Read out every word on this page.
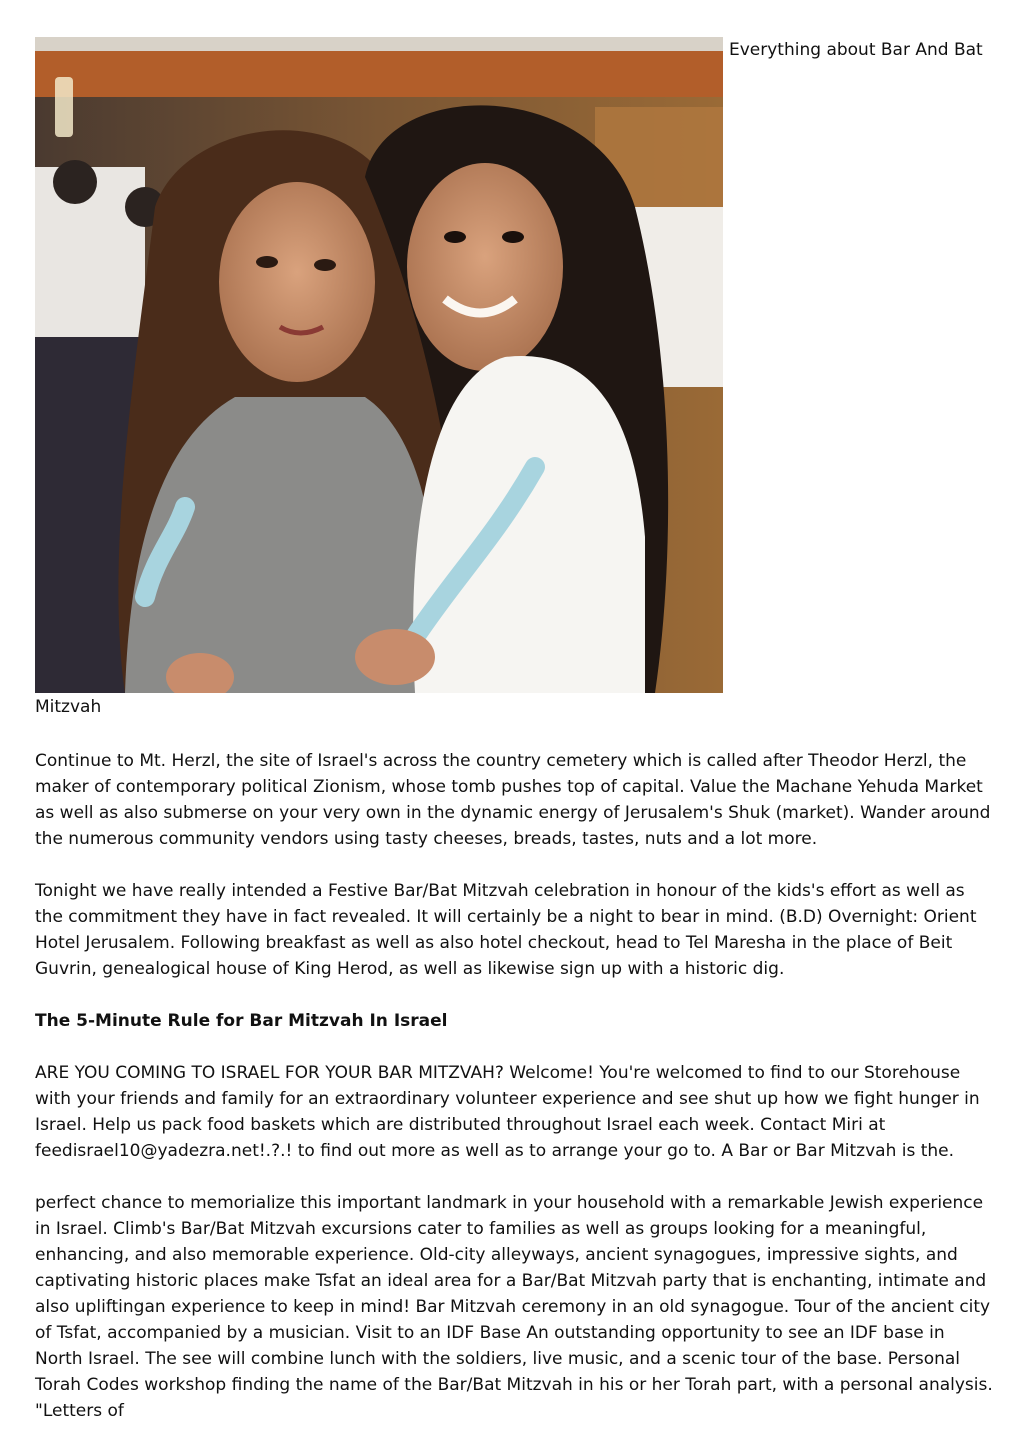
Everything about Bar And Bat
Mitzvah

Continue to Mt. Herzl, the site of Israel's across the country cemetery which is called after Theodor Herzl, the maker of contemporary political Zionism, whose tomb pushes top of capital. Value the Machane Yehuda Market as well as also submerse on your very own in the dynamic energy of Jerusalem's Shuk (market). Wander around the numerous community vendors using tasty cheeses, breads, tastes, nuts and a lot more.

Tonight we have really intended a Festive Bar/Bat Mitzvah celebration in honour of the kids's effort as well as the commitment they have in fact revealed. It will certainly be a night to bear in mind. (B.D) Overnight: Orient Hotel Jerusalem. Following breakfast as well as also hotel checkout, head to Tel Maresha in the place of Beit Guvrin, genealogical house of King Herod, as well as likewise sign up with a historic dig.

The 5-Minute Rule for Bar Mitzvah In Israel

ARE YOU COMING TO ISRAEL FOR YOUR BAR MITZVAH? Welcome! You're welcomed to find to our Storehouse with your friends and family for an extraordinary volunteer experience and see shut up how we fight hunger in Israel. Help us pack food baskets which are distributed throughout Israel each week. Contact Miri at feedisrael10@yadezra.net!.?.! to find out more as well as to arrange your go to. A Bar or Bar Mitzvah is the.

perfect chance to memorialize this important landmark in your household with a remarkable Jewish experience in Israel. Climb's Bar/Bat Mitzvah excursions cater to families as well as groups looking for a meaningful, enhancing, and also memorable experience. Old-city alleyways, ancient synagogues, impressive sights, and captivating historic places make Tsfat an ideal area for a Bar/Bat Mitzvah party that is enchanting, intimate and also upliftingan experience to keep in mind! Bar Mitzvah ceremony in an old synagogue. Tour of the ancient city of Tsfat, accompanied by a musician. Visit to an IDF Base An outstanding opportunity to see an IDF base in North Israel. The see will combine lunch with the soldiers, live music, and a scenic tour of the base. Personal Torah Codes workshop finding the name of the Bar/Bat Mitzvah in his or her Torah part, with a personal analysis. "Letters of
